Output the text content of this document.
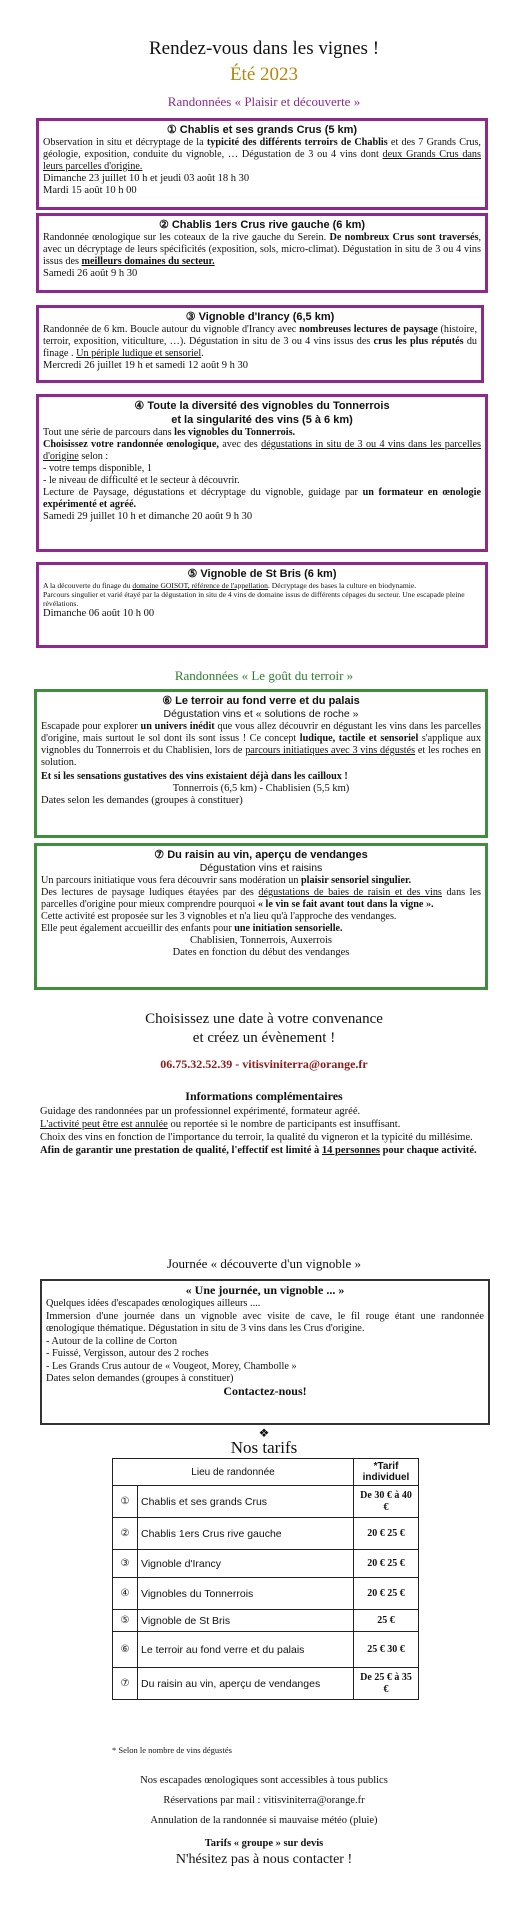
Rendez-vous dans les vignes !
Été 2023
Randonnées « Plaisir et découverte »
① Chablis et ses grands Crus (5 km)
Observation in situ et décryptage de la typicité des différents terroirs de Chablis et des 7 Grands Crus, géologie, exposition, conduite du vignoble, … Dégustation de 3 ou 4 vins dont deux Grands Crus dans leurs parcelles d'origine.
Dimanche 23 juillet 10 h et jeudi 03 août 18 h 30
Mardi 15 août 10 h 00
② Chablis 1ers Crus rive gauche (6 km)
Randonnée œnologique sur les coteaux de la rive gauche du Serein. De nombreux Crus sont traversés, avec un décryptage de leurs spécificités (exposition, sols, micro-climat). Dégustation in situ de 3 ou 4 vins issus des meilleurs domaines du secteur.
Samedi 26 août 9 h 30
③ Vignoble d'Irancy (6,5 km)
Randonnée de 6 km. Boucle autour du vignoble d'Irancy avec nombreuses lectures de paysage (histoire, terroir, exposition, viticulture, …). Dégustation in situ de 3 ou 4 vins issus des crus les plus réputés du finage . Un périple ludique et sensoriel.
Mercredi 26 juillet 19 h et samedi 12 août 9 h 30
④ Toute la diversité des vignobles du Tonnerrois
et la singularité des vins (5 à 6 km)
Tout une série de parcours dans les vignobles du Tonnerrois.
Choisissez votre randonnée œnologique, avec des dégustations in situ de 3 ou 4 vins dans les parcelles d'origine selon :
- votre temps disponible, 1
- le niveau de difficulté et le secteur à découvrir.
Lecture de Paysage, dégustations et décryptage du vignoble, guidage par un formateur en œnologie expérimenté et agréé.
Samedi 29 juillet 10 h et dimanche 20 août 9 h 30
⑤ Vignoble de St Bris (6 km)
A la découverte du finage du domaine GOISOT, référence de l'appellation. Décryptage des bases la culture en biodynamie.
Parcours singulier et varié étayé par la dégustation in situ de 4 vins de domaine issus de différents cépages du secteur. Une escapade pleine révélations.
Dimanche 06 août 10 h 00
Randonnées « Le goût du terroir »
⑥ Le terroir au fond verre et du palais
Dégustation vins et « solutions de roche »
Escapade pour explorer un univers inédit que vous allez découvrir en dégustant les vins dans les parcelles d'origine, mais surtout le sol dont ils sont issus ! Ce concept ludique, tactile et sensoriel s'applique aux vignobles du Tonnerrois et du Chablisien, lors de parcours initiatiques avec 3 vins dégustés et les roches en solution.
Et si les sensations gustatives des vins existaient déjà dans les cailloux !
Tonnerrois (6,5 km) - Chablisien (5,5 km)
Dates selon les demandes (groupes à constituer)
⑦ Du raisin au vin, aperçu de vendanges
Dégustation vins et raisins
Un parcours initiatique vous fera découvrir sans modération un plaisir sensoriel singulier.
Des lectures de paysage ludiques étayées par des dégustations de baies de raisin et des vins dans les parcelles d'origine pour mieux comprendre pourquoi « le vin se fait avant tout dans la vigne ».
Cette activité est proposée sur les 3 vignobles et n'a lieu qu'à l'approche des vendanges.
Elle peut également accueillir des enfants pour une initiation sensorielle.
Chablisien, Tonnerrois, Auxerrois
Dates en fonction du début des vendanges
Choisissez une date à votre convenance
et créez un évènement !
06.75.32.52.39 - vitisviniterra@orange.fr
Informations complémentaires
Guidage des randonnées par un professionnel expérimenté, formateur agréé.
L'activité peut être est annulée ou reportée si le nombre de participants est insuffisant.
Choix des vins en fonction de l'importance du terroir, la qualité du vigneron et la typicité du millésime.
Afin de garantir une prestation de qualité, l'effectif est limité à 14 personnes pour chaque activité.
Journée « découverte d'un vignoble »
« Une journée, un vignoble ... »
Quelques idées d'escapades œnologiques ailleurs ....
Immersion d'une journée dans un vignoble avec visite de cave, le fil rouge étant une randonnée œnologique thématique. Dégustation in situ de 3 vins dans les Crus d'origine.
- Autour de la colline de Corton
- Fuissé, Vergisson, autour des 2 roches
- Les Grands Crus autour de « Vougeot, Morey, Chambolle »
Dates selon demandes (groupes à constituer)
Contactez-nous!
❖
Nos tarifs
Lieu de randonnée		*Tarif individuel
①	Chablis et ses grands Crus	De 30 € à 40 €
②	Chablis 1ers Crus rive gauche	20 € 25 €
③	Vignoble d'Irancy	20 € 25 €
④	Vignobles du Tonnerrois	20 € 25 €
⑤	Vignoble de St Bris	25 €
⑥	Le terroir au fond verre et du palais	25 € 30 €
⑦	Du raisin au vin, aperçu de vendanges	De 25 € à 35 €
* Selon le nombre de vins dégustés
Nos escapades œnologiques sont accessibles à tous publics
Réservations par mail : vitisviniterra@orange.fr
Annulation de la randonnée si mauvaise météo (pluie)
Tarifs « groupe » sur devis
N'hésitez pas à nous contacter !
